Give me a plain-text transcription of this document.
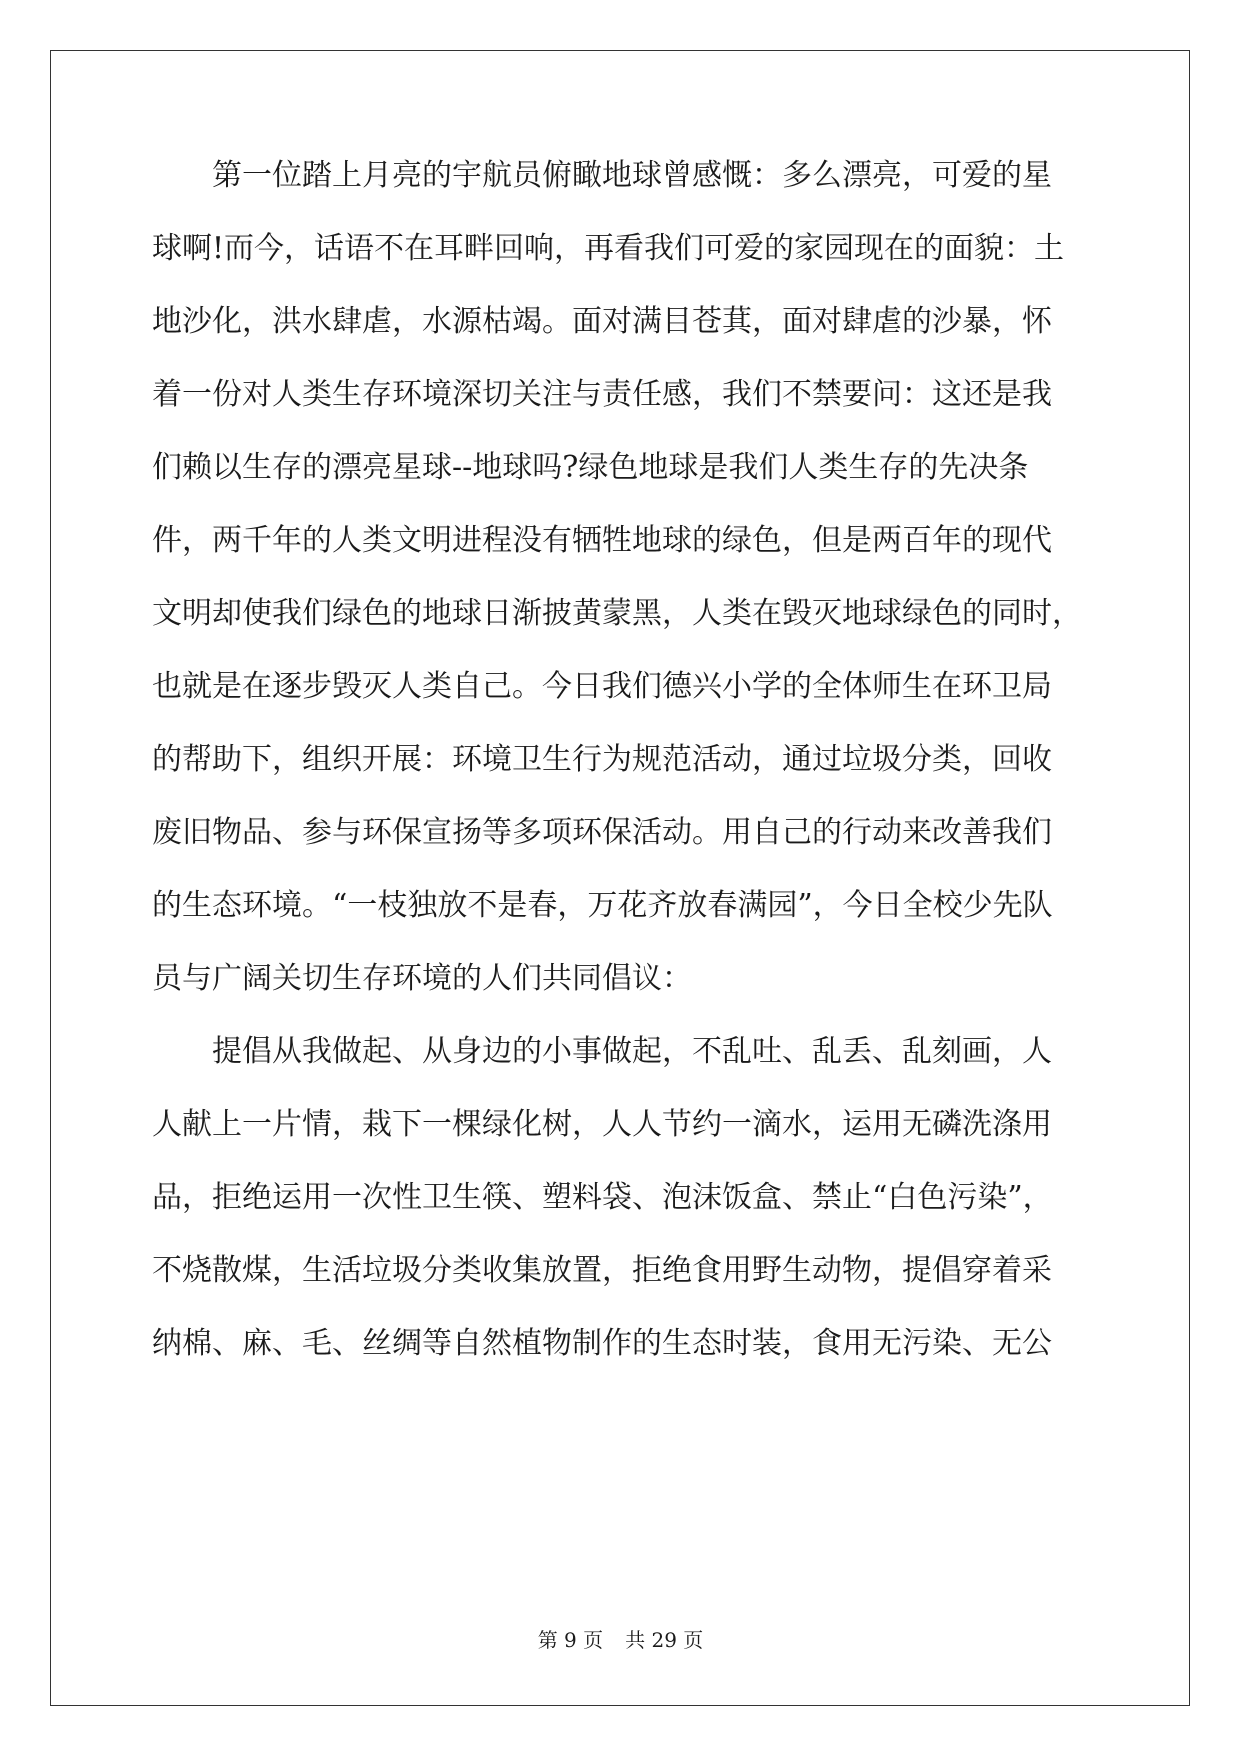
　　第一位踏上月亮的宇航员俯瞰地球曾感慨：多么漂亮，可爱的星
球啊!而今，话语不在耳畔回响，再看我们可爱的家园现在的面貌：土
地沙化，洪水肆虐，水源枯竭。面对满目苍萁，面对肆虐的沙暴，怀
着一份对人类生存环境深切关注与责任感，我们不禁要问：这还是我
们赖以生存的漂亮星球--地球吗?绿色地球是我们人类生存的先决条
件，两千年的人类文明进程没有牺牲地球的绿色，但是两百年的现代
文明却使我们绿色的地球日渐披黄蒙黑，人类在毁灭地球绿色的同时，
也就是在逐步毁灭人类自己。今日我们德兴小学的全体师生在环卫局
的帮助下，组织开展：环境卫生行为规范活动，通过垃圾分类，回收
废旧物品、参与环保宣扬等多项环保活动。用自己的行动来改善我们
的生态环境。“一枝独放不是春，万花齐放春满园”，今日全校少先队
员与广阔关切生存环境的人们共同倡议：
　　提倡从我做起、从身边的小事做起，不乱吐、乱丢、乱刻画，人
人献上一片情，栽下一棵绿化树，人人节约一滴水，运用无磷洗涤用
品，拒绝运用一次性卫生筷、塑料袋、泡沫饭盒、禁止“白色污染”，
不烧散煤，生活垃圾分类收集放置，拒绝食用野生动物，提倡穿着采
纳棉、麻、毛、丝绸等自然植物制作的生态时装，食用无污染、无公
第 9 页 共 29 页
